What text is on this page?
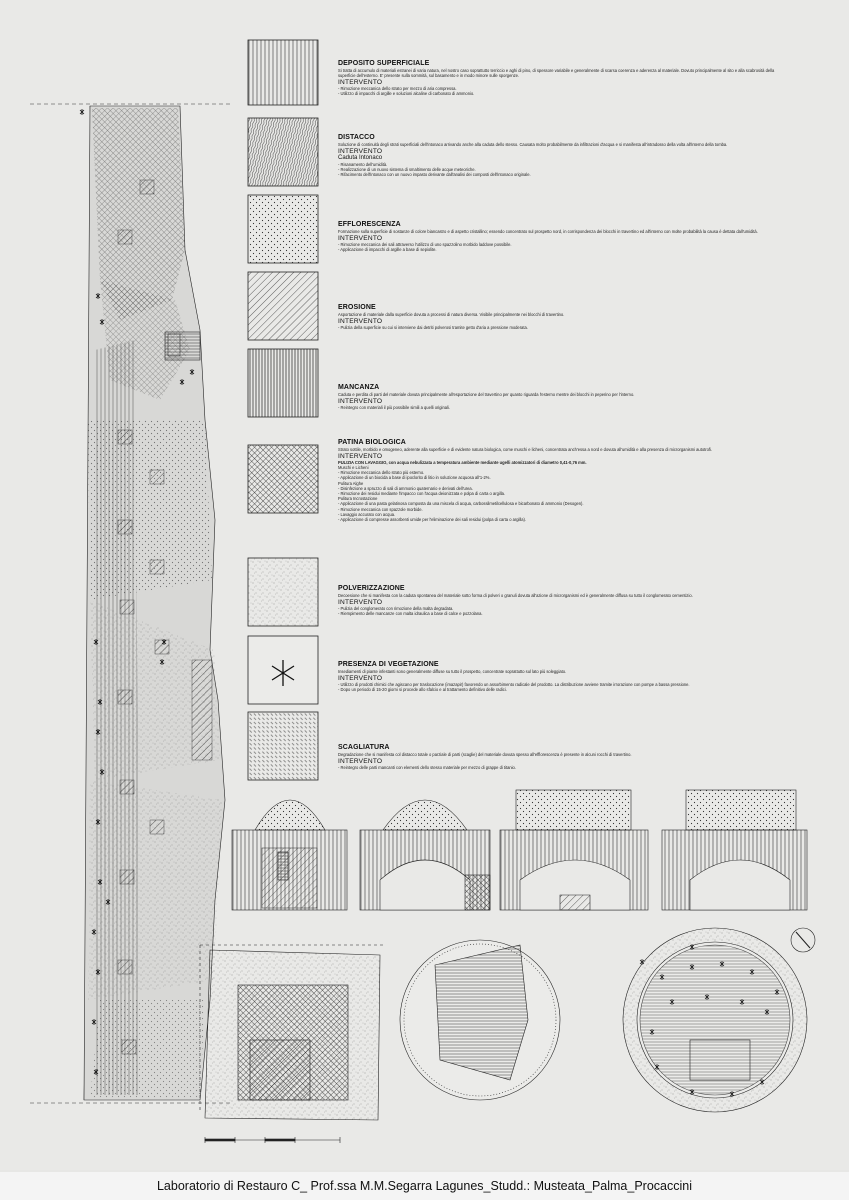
DEPOSITO SUPERFICIALE

Si tratta di accumulo di materiali estranei di varia natura, nel nostro caso soprattutto terriccio e aghi di pino, di spessore variabile e generalmente di scarsa coerenza e aderenza al materiale. Dovuto principalmente al sito e alla scabrosità della superficie dell'esterno. E' presente sulla sommità, sul basamento e in modo minore sulle sporgenze.

INTERVENTO

- Rimozione meccanica dello strato per mezzo di aria compressa.
- Utilizzo di impacchi di argille e soluzioni alcaline di carbonato di ammonio.

DISTACCO

Soluzione di continuità degli strati superficiali dell'intonaco arrivando anche alla caduta dello stesso. Causata molto probabilmente da infiltrazioni d'acqua e si manifesta all'intradosso della volta all'interno della tomba.

INTERVENTO

Caduta Intonaco

- Risanamento dell'umidità.
- Realizzazione di un nuovo sistema di smaltimento delle acque meteoriche.
- Rifacimento dell'intonaco con un nuovo impasto derivante dall'analisi dei composti dell'intonaco originale.

EFFLORESCENZA

Formazione sulla superficie di sostanze di colore biancastro e di aspetto cristallino; essendo concentrato sul prospetto nord, in corrispondenza dei blocchi in travertino ed all'interno con molte probabilità la causa è dettata dall'umidità.

INTERVENTO

- Rimozione meccanica dei sali attraverso l'utilizzo di uno spazzolino morbido laddove possibile.
- Applicazione di impacchi di argille a base di sepiolite.

EROSIONE

Asportazione di materiale dalla superficie dovuta a processi di natura diversa. Visibile principalmente nei blocchi di travertino.

INTERVENTO

- Pulizia della superficie su cui si interviene dai detriti polverosi tramite getto d'aria a pressione moderata.

MANCANZA

Caduta e perdita di parti del materiale dovuta principalmente all'esportazione del travertino per quanto riguarda l'esterno mentre dei blocchi in peperino per l'interno.

INTERVENTO

- Reintegro con materiali il più possibile simili a quelli originali.

PATINA BIOLOGICA

Strato sottile, morbido e omogeneo, aderente alla superficie e di evidente natura biologica, come muschi e licheni, concentrata anch'essa a nord e dovuta all'umidità e alla presenza di microrganismi autotrofi.

INTERVENTO

PULIZIA CON LAVAGGIO, con acqua nebulizzata a temperatura ambiente mediante ugelli atomizzatori di diametro 0,41-0,76 mm.

Muschi e Licheni
- Rimozione meccanica dello strato più esterno.
- Applicazione di un biocida a base di ipoclorito di litio in soluzione acquosa all'1-2%.
Pulitura Alghe
- Disinfezione a spruzzo di sali di ammonio quaternario e derivati dell'urea.
- Rimozione dei residui mediante l'impacco con l'acqua deionizzata e polpa di carta o argilla.
Pulitura Incrostazione
- Applicazione di una pasta gelatinosa composta da una miscela di acqua, carbossilmetilcellulosa e bicarbonato di ammonio (Desogen).
- Rimozione meccanica con spazzole morbide.
- Lavaggio accurato con acqua.
- Applicazione di compresse assorbenti umide per l'eliminazione dei sali residui (polpa di carta o argilla).

POLVERIZZAZIONE

Decoesione che si manifesta con la caduta spontanea del materiale sotto forma di polveri o granuli dovuta all'azione di microrganismi ed è generalmente diffusa su tutto il conglomerato cementizio.

INTERVENTO

- Pulizia del conglomerato con rimozione della malta degradata.
- Riempimento delle mancanze con malta idraulica a base di calce e pozzolana.

PRESENZA DI VEGETAZIONE

Insediamenti di piante infestanti sono generalmente diffuse su tutto il prospetto, concentrate soprattutto sul lato più soleggiato.

INTERVENTO

- Utilizzo di prodotti chimici che agiscano per traslocazione (imazapir) favorendo un assorbimento radicale del prodotto. La distribuzione avviene tramite irrorazione con pompe a bassa pressione.
- Dopo un periodo di 15-20 giorni si procede allo sfalcio e al trattamento definitivo delle radici.

SCAGLIATURA

Degradazione che si manifesta col distacco totale o parziale di parti (scaglie) del materiale dovuta spesso all'efflorescenza è presente in alcuni rocchi di travertino.

INTERVENTO

- Reintegro delle parti mancanti con elementi dello stesso materiale per mezzo di grappe di titanio.
Laboratorio di Restauro C_ Prof.ssa M.M.Segarra Lagunes_Studd.: Musteata_Palma_Procaccini
